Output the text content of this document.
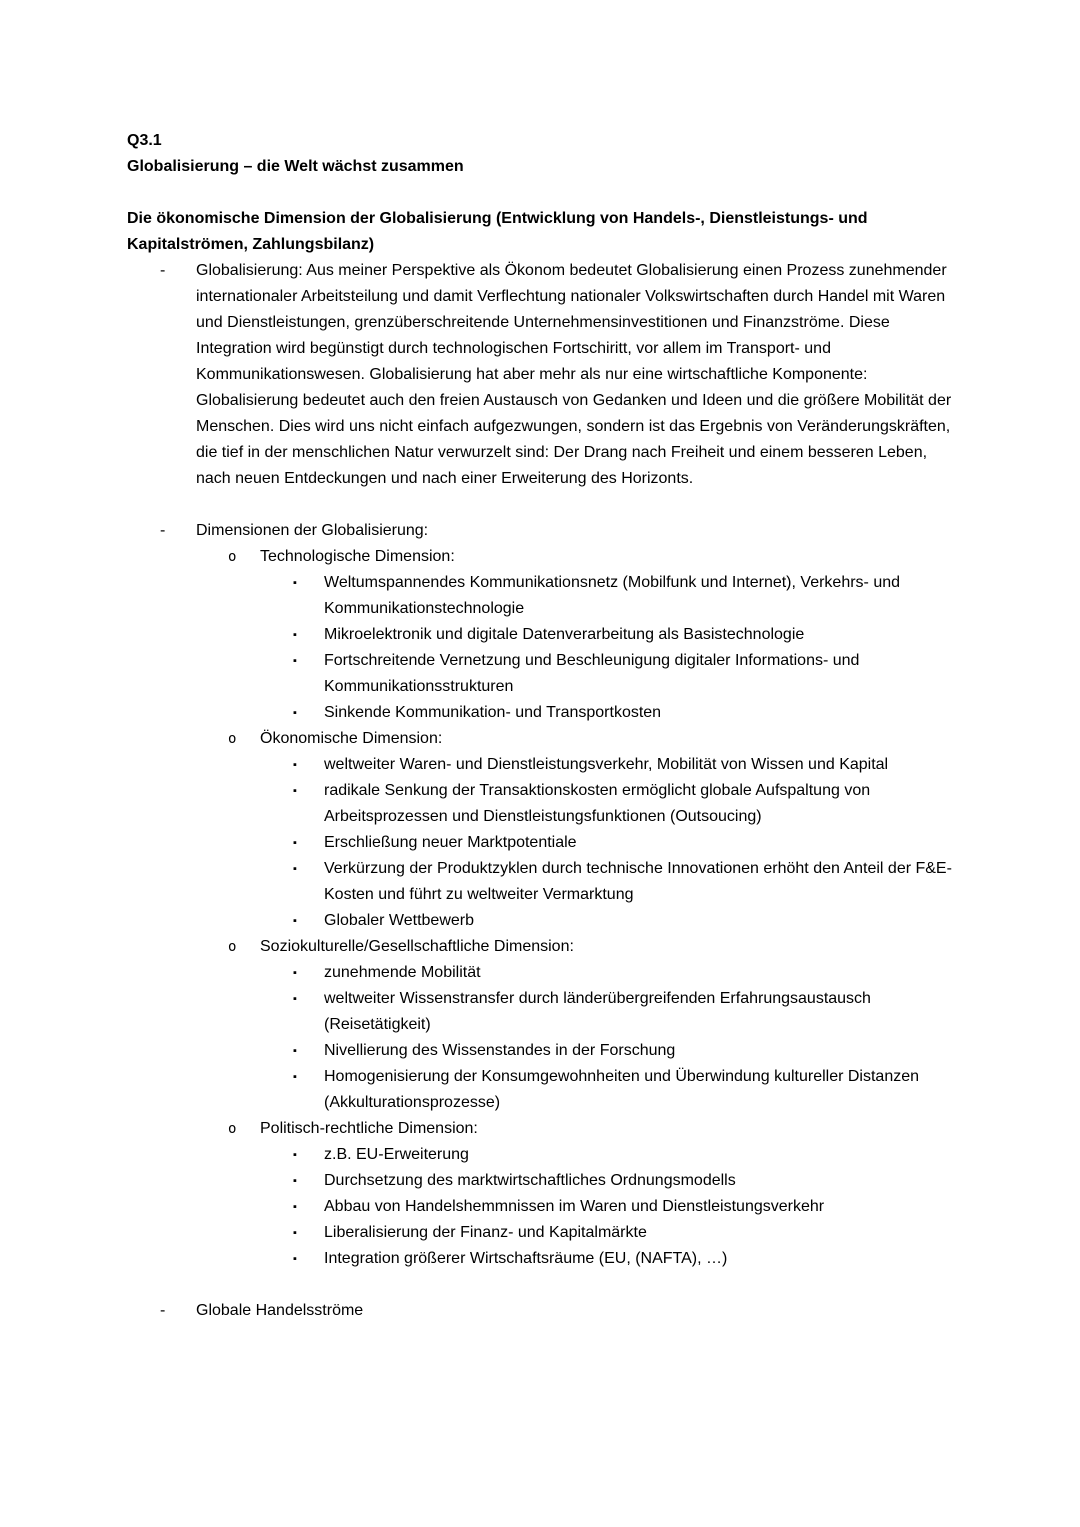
Q3.1
Globalisierung – die Welt wächst zusammen
Die ökonomische Dimension der Globalisierung (Entwicklung von Handels-, Dienstleistungs- und Kapitalströmen, Zahlungsbilanz)
-	Globalisierung: Aus meiner Perspektive als Ökonom bedeutet Globalisierung einen Prozess zunehmender internationaler Arbeitsteilung und damit Verflechtung nationaler Volkswirtschaften durch Handel mit Waren und Dienstleistungen, grenzüberschreitende Unternehmensinvestitionen und Finanzströme. Diese Integration wird begünstigt durch technologischen Fortschiritt, vor allem im Transport- und Kommunikationswesen. Globalisierung hat aber mehr als nur eine wirtschaftliche Komponente: Globalisierung bedeutet auch den freien Austausch von Gedanken und Ideen und die größere Mobilität der Menschen. Dies wird uns nicht einfach aufgezwungen, sondern ist das Ergebnis von Veränderungskräften, die tief in der menschlichen Natur verwurzelt sind: Der Drang nach Freiheit und einem besseren Leben, nach neuen Entdeckungen und nach einer Erweiterung des Horizonts.
-	Dimensionen der Globalisierung:
o	Technologische Dimension:
▪	Weltumspannendes Kommunikationsnetz (Mobilfunk und Internet), Verkehrs- und Kommunikationstechnologie
▪	Mikroelektronik und digitale Datenverarbeitung als Basistechnologie
▪	Fortschreitende Vernetzung und Beschleunigung digitaler Informations- und Kommunikationsstrukturen
▪	Sinkende Kommunikation- und Transportkosten
o	Ökonomische Dimension:
▪	weltweiter Waren- und Dienstleistungsverkehr, Mobilität von Wissen und Kapital
▪	radikale Senkung der Transaktionskosten ermöglicht globale Aufspaltung von Arbeitsprozessen und Dienstleistungsfunktionen (Outsoucing)
▪	Erschließung neuer Marktpotentiale
▪	Verkürzung der Produktzyklen durch technische Innovationen erhöht den Anteil der F&E-Kosten und führt zu weltweiter Vermarktung
▪	Globaler Wettbewerb
o	Soziokulturelle/Gesellschaftliche Dimension:
▪	zunehmende Mobilität
▪	weltweiter Wissenstransfer durch länderübergreifenden Erfahrungsaustausch (Reisetätigkeit)
▪	Nivellierung des Wissenstandes in der Forschung
▪	Homogenisierung der Konsumgewohnheiten und Überwindung kultureller Distanzen (Akkulturationsprozesse)
o	Politisch-rechtliche Dimension:
▪	z.B. EU-Erweiterung
▪	Durchsetzung des marktwirtschaftliches Ordnungsmodells
▪	Abbau von Handelshemmnissen im Waren und Dienstleistungsverkehr
▪	Liberalisierung der Finanz- und Kapitalmärkte
▪	Integration größerer Wirtschaftsräume (EU, (NAFTA), …)
-	Globale Handelsströme
